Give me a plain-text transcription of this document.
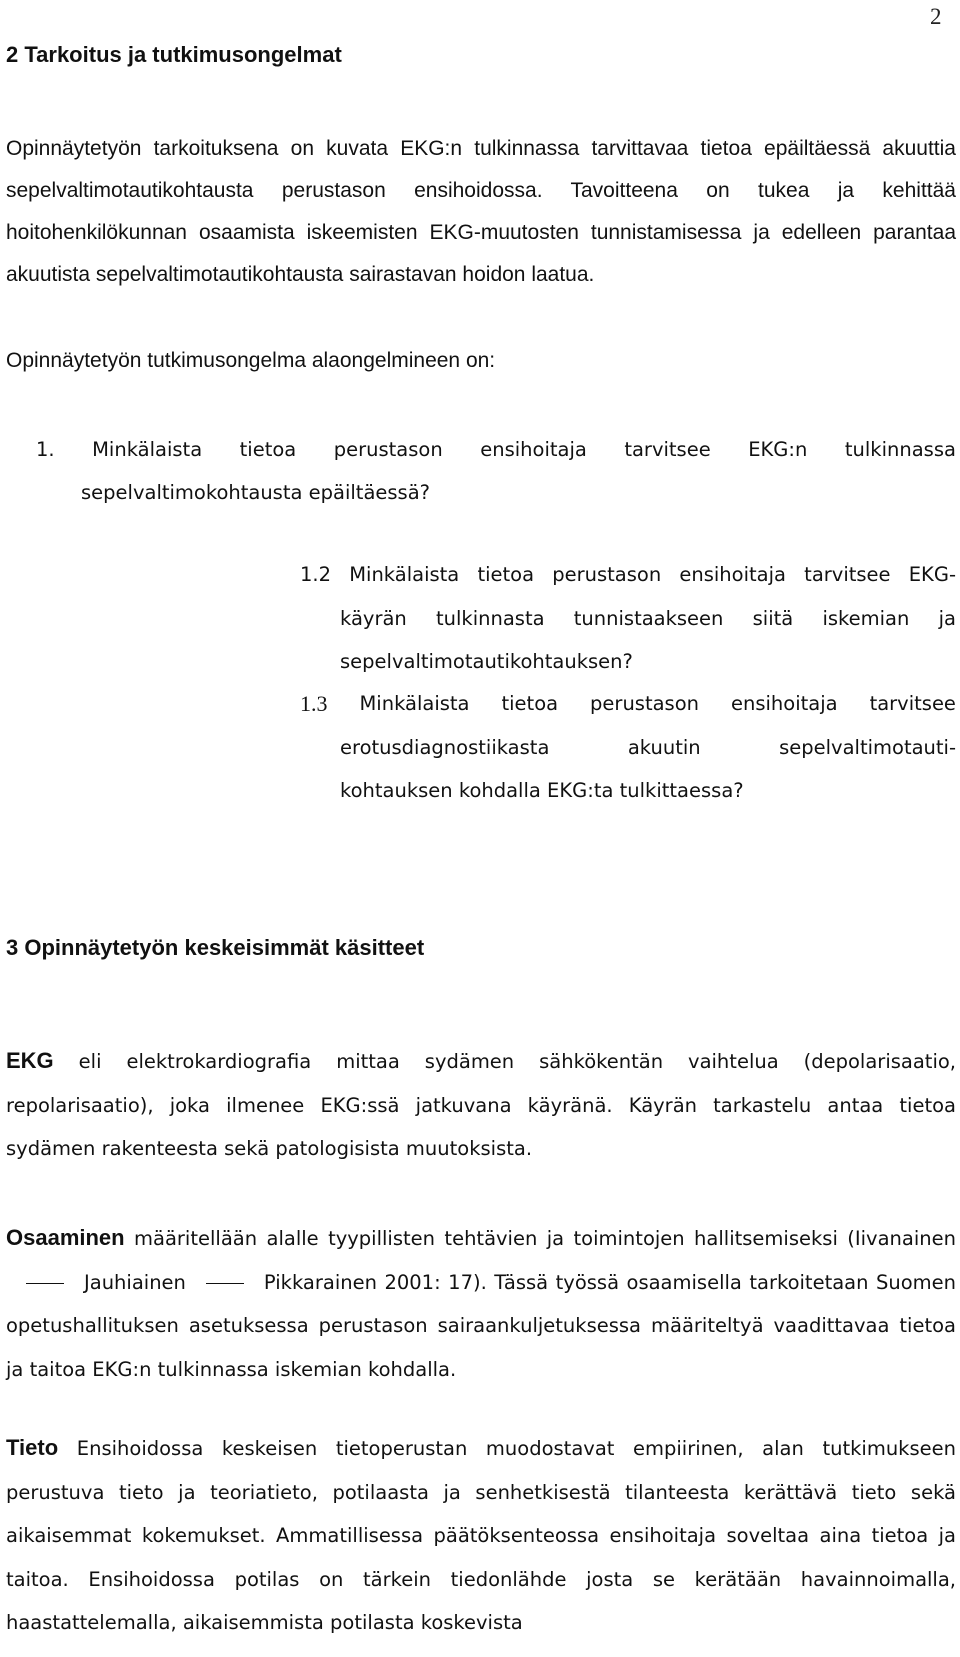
2
2 Tarkoitus ja tutkimusongelmat

Opinnäytetyön tarkoituksena on kuvata EKG:n tulkinnassa tarvittavaa tietoa epäiltäessä akuuttia sepelvaltimotautikohtausta perustason ensihoidossa. Tavoitteena on tukea ja kehittää hoitohenkilökunnan osaamista iskeemisten EKG-muutosten tunnistamisessa ja edelleen parantaa akuutista sepelvaltimotautikohtausta sairastavan hoidon laatua.

Opinnäytetyön tutkimusongelma alaongelmineen on:

1. Minkälaista tietoa perustason ensihoitaja tarvitsee EKG:n tulkinnassa
sepelvaltimokohtausta epäiltäessä?
1.2 Minkälaista tietoa perustason ensihoitaja tarvitsee EKG-
käyrän tulkinnasta tunnistaakseen siitä iskemian ja
sepelvaltimotautikohtauksen?
1.3 Minkälaista tietoa perustason ensihoitaja tarvitsee
erotusdiagnostiikasta	akuutin	sepelvaltimotauti-
kohtauksen kohdalla EKG:ta tulkittaessa?
3 Opinnäytetyön keskeisimmät käsitteet

EKG eli elektrokardiografia mittaa sydämen sähkökentän vaihtelua (depolarisaatio, repolarisaatio), joka ilmenee EKG:ssä jatkuvana käyränä. Käyrän tarkastelu antaa tietoa sydämen rakenteesta sekä patologisista muutoksista.

Osaaminen määritellään alalle tyypillisten tehtävien ja toimintojen hallitsemiseksi (IivanainenJauhiainen	Pikkarainen 2001: 17). Tässä työssä osaamisella tarkoitetaan Suomen opetushallituksen asetuksessa perustason sairaankuljetuksessa määriteltyä vaadittavaa tietoa ja taitoa EKG:n tulkinnassa iskemian kohdalla.

Tieto Ensihoidossa keskeisen tietoperustan muodostavat empiirinen, alan tutkimukseen perustuva tieto ja teoriatieto, potilaasta ja senhetkisestä tilanteesta kerättävä tieto sekä aikaisemmat kokemukset. Ammatillisessa päätöksenteossa ensihoitaja soveltaa aina tietoa ja taitoa. Ensihoidossa potilas on tärkein tiedonlähde josta se kerätään havainnoimalla, haastattelemalla, aikaisemmista potilasta koskevista
